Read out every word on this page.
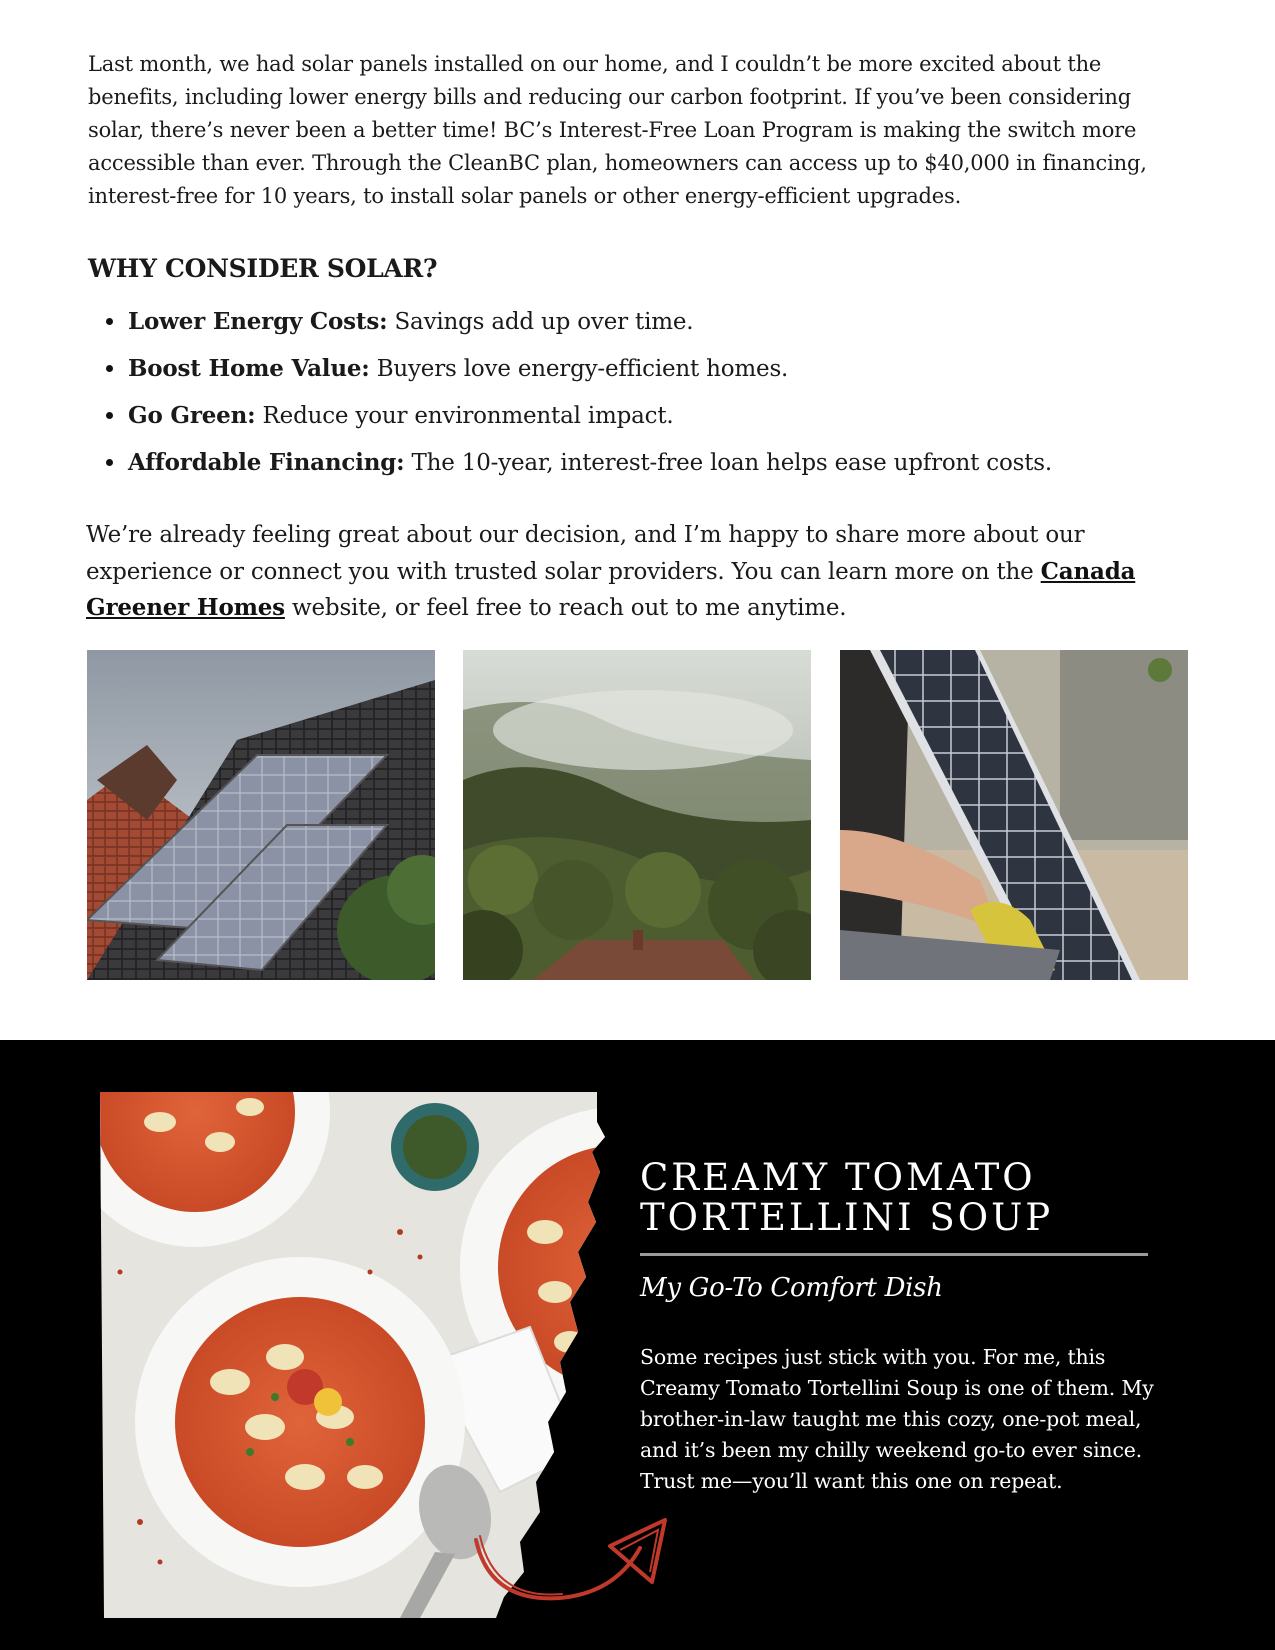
Last month, we had solar panels installed on our home, and I couldn’t be more excited about the benefits, including lower energy bills and reducing our carbon footprint. If you’ve been considering solar, there’s never been a better time! BC’s Interest-Free Loan Program is making the switch more accessible than ever. Through the CleanBC plan, homeowners can access up to $40,000 in financing, interest-free for 10 years, to install solar panels or other energy-efficient upgrades.

WHY CONSIDER SOLAR?
Lower Energy Costs: Savings add up over time.
Boost Home Value: Buyers love energy-efficient homes.
Go Green: Reduce your environmental impact.
Affordable Financing: The 10-year, interest-free loan helps ease upfront costs.

We’re already feeling great about our decision, and I’m happy to share more about our experience or connect you with trusted solar providers. You can learn more on the Canada Greener Homes website, or feel free to reach out to me anytime.

CREAMY TOMATO
TORTELLINI SOUP

My Go-To Comfort Dish

Some recipes just stick with you. For me, this Creamy Tomato Tortellini Soup is one of them. My brother-in-law taught me this cozy, one-pot meal, and it’s been my chilly weekend go-to ever since. Trust me—you’ll want this one on repeat.
